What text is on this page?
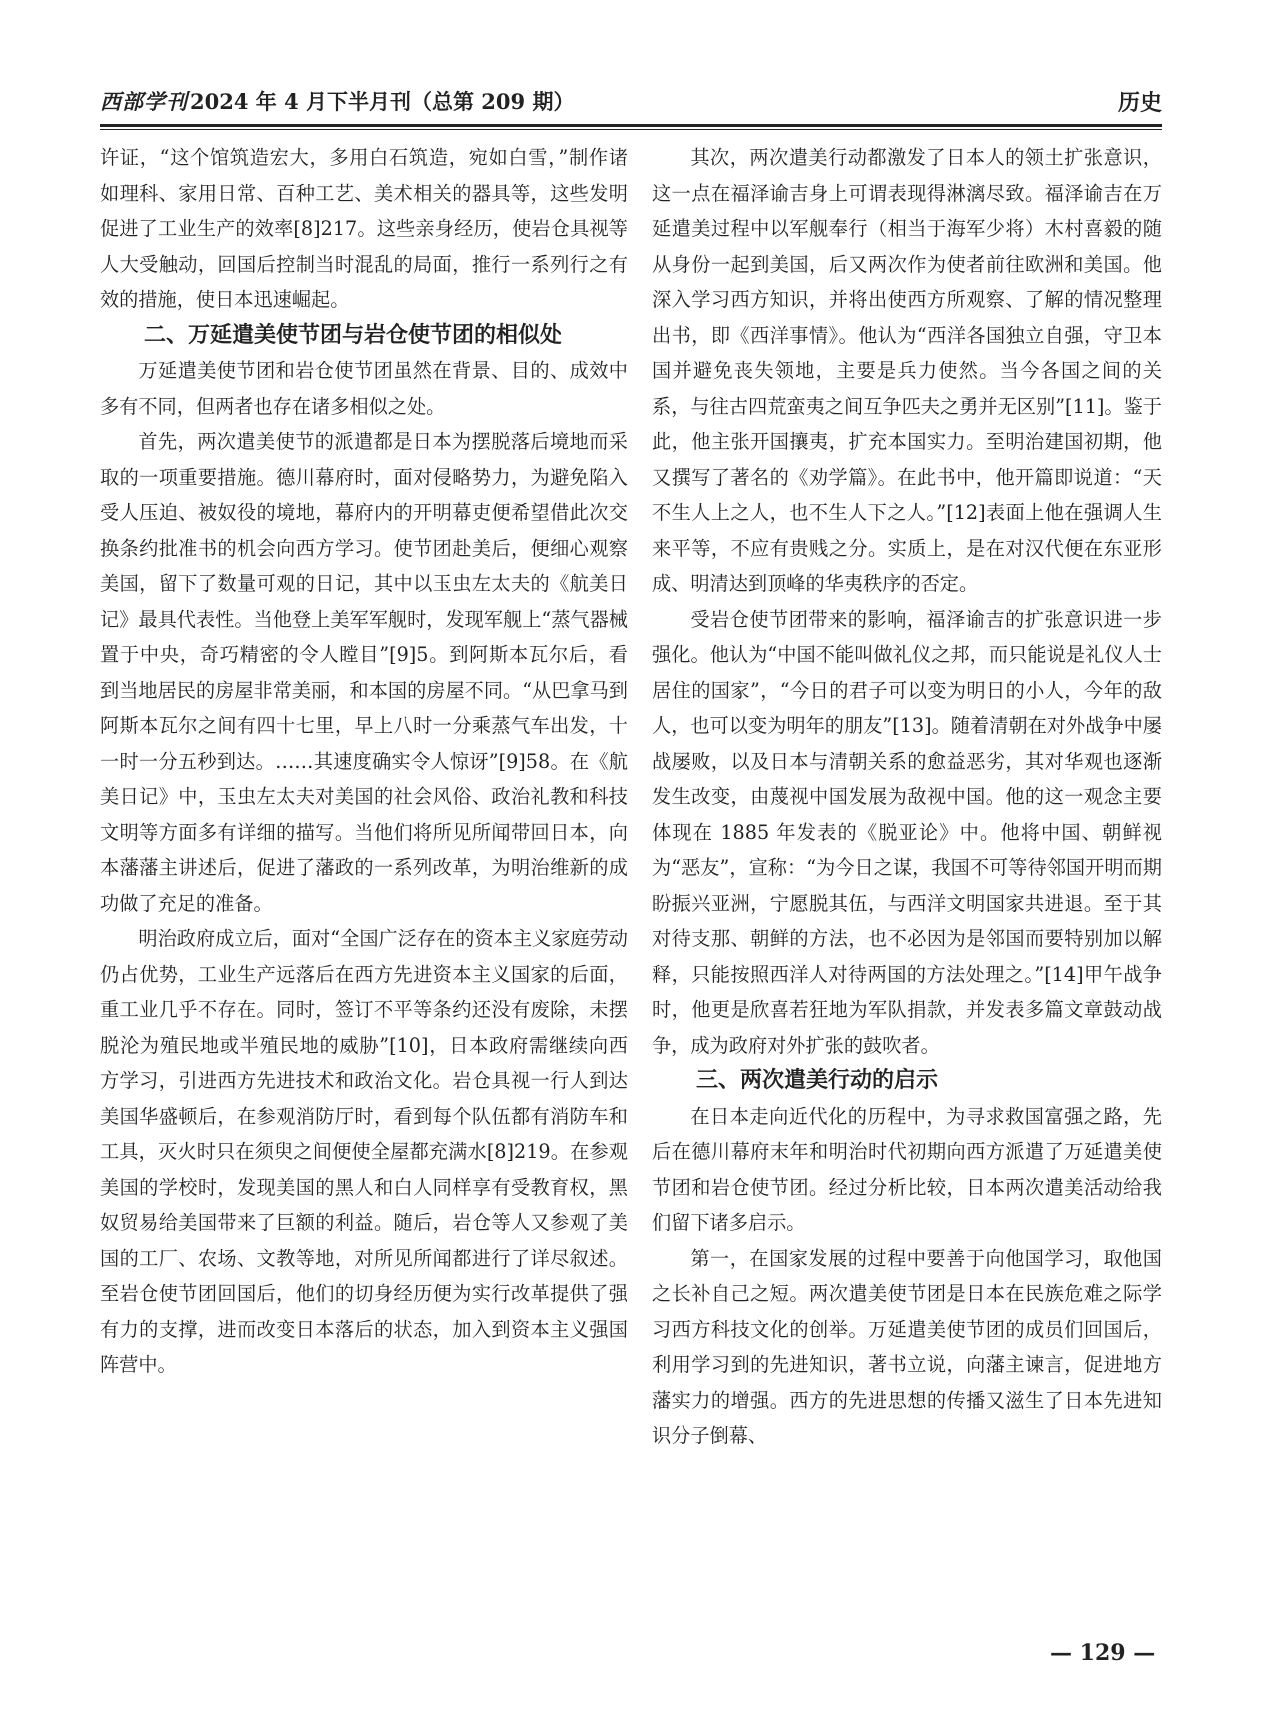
西部学刊2024 年 4 月下半月刊（总第 209 期）	历史

许证，“这个馆筑造宏大，多用白石筑造，宛如白雪，”制作诸如理科、家用日常、百种工艺、美术相关的器具等，这些发明促进了工业生产的效率[8]217。这些亲身经历，使岩仓具视等人大受触动，回国后控制当时混乱的局面，推行一系列行之有效的措施，使日本迅速崛起。

二、万延遣美使节团与岩仓使节团的相似处

万延遣美使节团和岩仓使节团虽然在背景、目的、成效中多有不同，但两者也存在诸多相似之处。

首先，两次遣美使节的派遣都是日本为摆脱落后境地而采取的一项重要措施。德川幕府时，面对侵略势力，为避免陷入受人压迫、被奴役的境地，幕府内的开明幕吏便希望借此次交换条约批准书的机会向西方学习。使节团赴美后，便细心观察美国，留下了数量可观的日记，其中以玉虫左太夫的《航美日记》最具代表性。当他登上美军军舰时，发现军舰上“蒸气器械置于中央，奇巧精密的令人瞠目”[9]5。到阿斯本瓦尔后，看到当地居民的房屋非常美丽，和本国的房屋不同。“从巴拿马到阿斯本瓦尔之间有四十七里，早上八时一分乘蒸气车出发，十一时一分五秒到达。……其速度确实令人惊讶”[9]58。在《航美日记》中，玉虫左太夫对美国的社会风俗、政治礼教和科技文明等方面多有详细的描写。当他们将所见所闻带回日本，向本藩藩主讲述后，促进了藩政的一系列改革，为明治维新的成功做了充足的准备。

明治政府成立后，面对“全国广泛存在的资本主义家庭劳动仍占优势，工业生产远落后在西方先进资本主义国家的后面，重工业几乎不存在。同时，签订不平等条约还没有废除，未摆脱沦为殖民地或半殖民地的威胁”[10]，日本政府需继续向西方学习，引进西方先进技术和政治文化。岩仓具视一行人到达美国华盛顿后，在参观消防厅时，看到每个队伍都有消防车和工具，灭火时只在须臾之间便使全屋都充满水[8]219。在参观美国的学校时，发现美国的黑人和白人同样享有受教育权，黑奴贸易给美国带来了巨额的利益。随后，岩仓等人又参观了美国的工厂、农场、文教等地，对所见所闻都进行了详尽叙述。至岩仓使节团回国后，他们的切身经历便为实行改革提供了强有力的支撑，进而改变日本落后的状态，加入到资本主义强国阵营中。

其次，两次遣美行动都激发了日本人的领土扩张意识，这一点在福泽谕吉身上可谓表现得淋漓尽致。福泽谕吉在万延遣美过程中以军舰奉行（相当于海军少将）木村喜毅的随从身份一起到美国，后又两次作为使者前往欧洲和美国。他深入学习西方知识，并将出使西方所观察、了解的情况整理出书，即《西洋事情》。他认为“西洋各国独立自强，守卫本国并避免丧失领地，主要是兵力使然。当今各国之间的关系，与往古四荒蛮夷之间互争匹夫之勇并无区别”[11]。鉴于此，他主张开国攘夷，扩充本国实力。至明治建国初期，他又撰写了著名的《劝学篇》。在此书中，他开篇即说道：“天不生人上之人，也不生人下之人。”[12]表面上他在强调人生来平等，不应有贵贱之分。实质上，是在对汉代便在东亚形成、明清达到顶峰的华夷秩序的否定。

受岩仓使节团带来的影响，福泽谕吉的扩张意识进一步强化。他认为“中国不能叫做礼仪之邦，而只能说是礼仪人士居住的国家”，“今日的君子可以变为明日的小人，今年的敌人，也可以变为明年的朋友”[13]。随着清朝在对外战争中屡战屡败，以及日本与清朝关系的愈益恶劣，其对华观也逐渐发生改变，由蔑视中国发展为敌视中国。他的这一观念主要体现在 1885 年发表的《脱亚论》中。他将中国、朝鲜视为“恶友”，宣称：“为今日之谋，我国不可等待邻国开明而期盼振兴亚洲，宁愿脱其伍，与西洋文明国家共进退。至于其对待支那、朝鲜的方法，也不必因为是邻国而要特别加以解释，只能按照西洋人对待两国的方法处理之。”[14]甲午战争时，他更是欣喜若狂地为军队捐款，并发表多篇文章鼓动战争，成为政府对外扩张的鼓吹者。

三、两次遣美行动的启示

在日本走向近代化的历程中，为寻求救国富强之路，先后在德川幕府末年和明治时代初期向西方派遣了万延遣美使节团和岩仓使节团。经过分析比较，日本两次遣美活动给我们留下诸多启示。

第一，在国家发展的过程中要善于向他国学习，取他国之长补自己之短。两次遣美使节团是日本在民族危难之际学习西方科技文化的创举。万延遣美使节团的成员们回国后，利用学习到的先进知识，著书立说，向藩主谏言，促进地方藩实力的增强。西方的先进思想的传播又滋生了日本先进知识分子倒幕、

— 129 —
